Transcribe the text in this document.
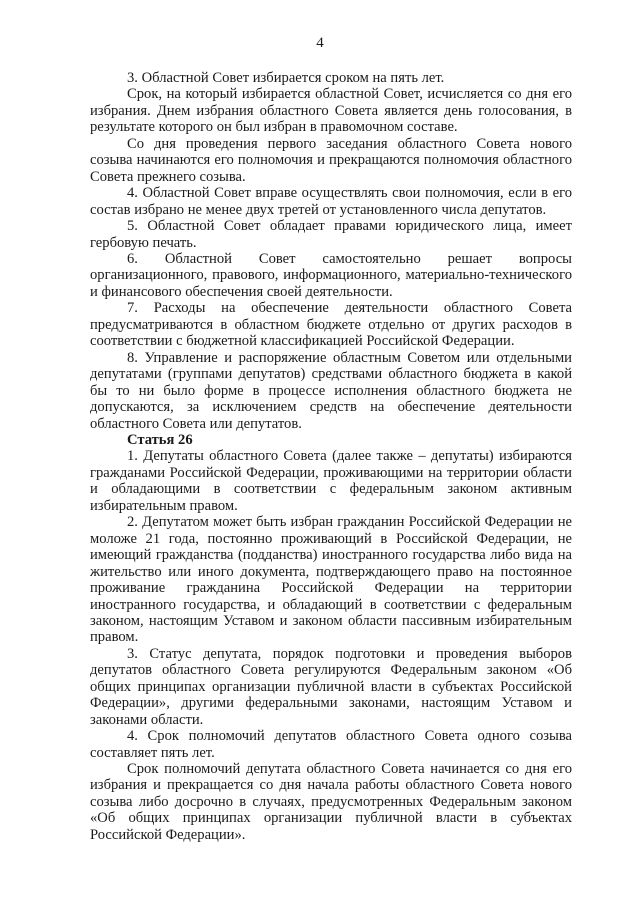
4

3. Областной Совет избирается сроком на пять лет.

Срок, на который избирается областной Совет, исчисляется со дня его избрания. Днем избрания областного Совета является день голосования, в результате которого он был избран в правомочном составе.

Со дня проведения первого заседания областного Совета нового созыва начинаются его полномочия и прекращаются полномочия областного Совета прежнего созыва.

4. Областной Совет вправе осуществлять свои полномочия, если в его состав избрано не менее двух третей от установленного числа депутатов.

5. Областной Совет обладает правами юридического лица, имеет гербовую печать.

6. Областной Совет самостоятельно решает вопросы организационного, правового, информационного, материально-технического и финансового обеспечения своей деятельности.

7. Расходы на обеспечение деятельности областного Совета предусматриваются в областном бюджете отдельно от других расходов в соответствии с бюджетной классификацией Российской Федерации.

8. Управление и распоряжение областным Советом или отдельными депутатами (группами депутатов) средствами областного бюджета в какой бы то ни было форме в процессе исполнения областного бюджета не допускаются, за исключением средств на обеспечение деятельности областного Совета или депутатов.

Статья 26

1. Депутаты областного Совета (далее также – депутаты) избираются гражданами Российской Федерации, проживающими на территории области и обладающими в соответствии с федеральным законом активным избирательным правом.

2. Депутатом может быть избран гражданин Российской Федерации не моложе 21 года, постоянно проживающий в Российской Федерации, не имеющий гражданства (подданства) иностранного государства либо вида на жительство или иного документа, подтверждающего право на постоянное проживание гражданина Российской Федерации на территории иностранного государства, и обладающий в соответствии с федеральным законом, настоящим Уставом и законом области пассивным избирательным правом.

3. Статус депутата, порядок подготовки и проведения выборов депутатов областного Совета регулируются Федеральным законом «Об общих принципах организации публичной власти в субъектах Российской Федерации», другими федеральными законами, настоящим Уставом и законами области.

4. Срок полномочий депутатов областного Совета одного созыва составляет пять лет.

Срок полномочий депутата областного Совета начинается со дня его избрания и прекращается со дня начала работы областного Совета нового созыва либо досрочно в случаях, предусмотренных Федеральным законом «Об общих принципах организации публичной власти в субъектах Российской Федерации».
